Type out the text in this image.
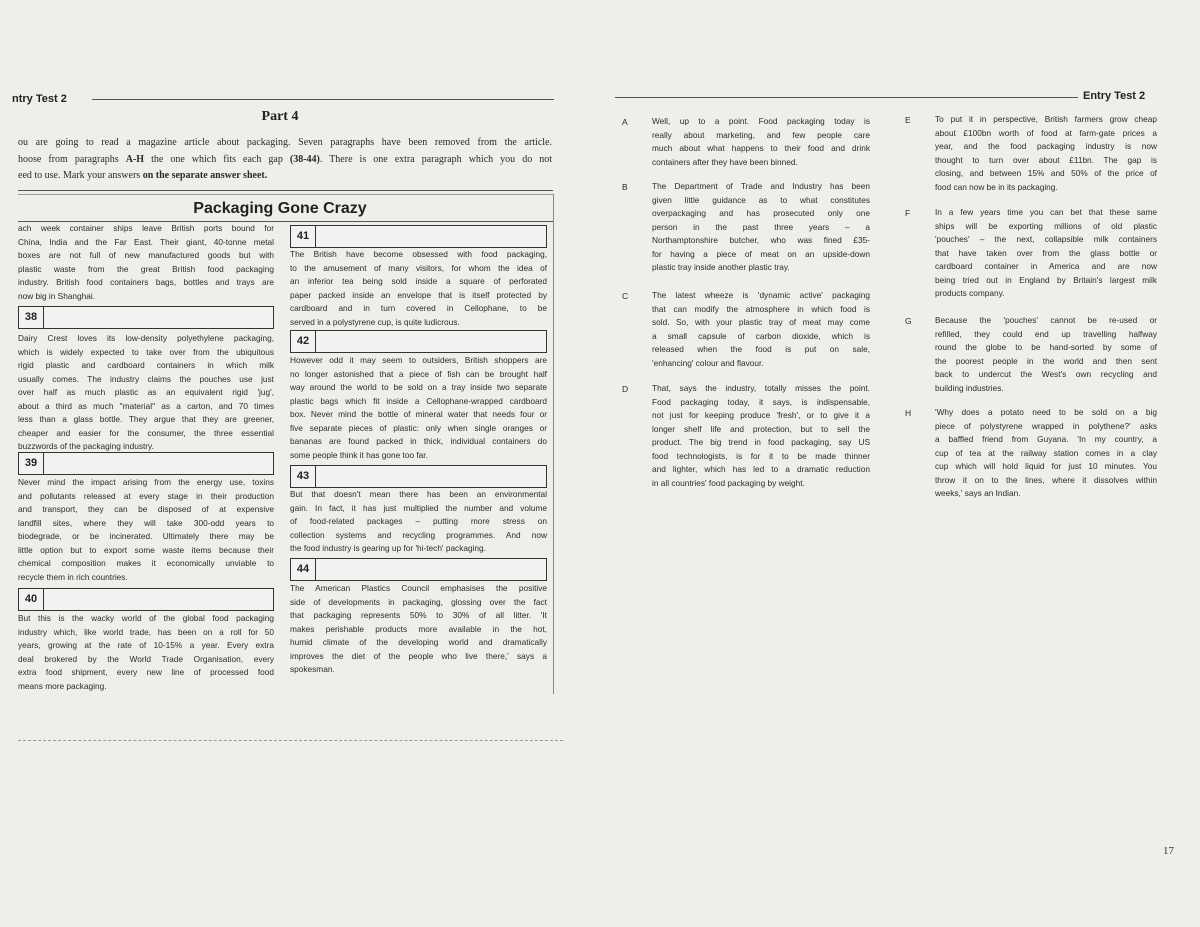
ntry Test 2
Part 4
ou are going to read a magazine article about packaging. Seven paragraphs have been removed from the article.
hoose from paragraphs A-H the one which fits each gap (38-44). There is one extra paragraph which you do not
eed to use. Mark your answers on the separate answer sheet.
Packaging Gone Crazy
ach week container ships leave British ports bound for
China, India and the Far East. Their giant, 40-tonne metal
boxes are not full of new manufactured goods but with
plastic waste from the great British food packaging
industry. British food containers bags, bottles and trays are
now big in Shanghai.
38
Dairy Crest loves its low-density polyethylene packaging,
which is widely expected to take over from the ubiquitous
rigid plastic and cardboard containers in which milk
usually comes. The industry claims the pouches use just
over half as much plastic as an equivalent rigid 'jug',
about a third as much "material" as a carton, and 70 times
less than a glass bottle. They argue that they are greener,
cheaper and easier for the consumer, the three essential
buzzwords of the packaging industry.
39
Never mind the impact arising from the energy use, toxins
and pollutants released at every stage in their production
and transport, they can be disposed of at expensive
landfill sites, where they will take 300-odd years to
biodegrade, or be incinerated. Ultimately there may be
little option but to export some waste items because their
chemical composition makes it economically unviable to
recycle them in rich countries.
40
But this is the wacky world of the global food packaging
industry which, like world trade, has been on a roll for 50
years, growing at the rate of 10-15% a year. Every extra
deal brokered by the World Trade Organisation, every
extra food shipment, every new line of processed food
means more packaging.
41
The British have become obsessed with food packaging,
to the amusement of many visitors, for whom the idea of
an inferior tea being sold inside a square of perforated
paper packed inside an envelope that is itself protected by
cardboard and in turn covered in Cellophane, to be
served in a polystyrene cup, is quite ludicrous.
42
However odd it may seem to outsiders, British shoppers are
no longer astonished that a piece of fish can be brought half
way around the world to be sold on a tray inside two separate
plastic bags which fit inside a Cellophane-wrapped cardboard
box. Never mind the bottle of mineral water that needs four or
five separate pieces of plastic: only when single oranges or
bananas are found packed in thick, individual containers do
some people think it has gone too far.
43
But that doesn't mean there has been an environmental
gain. In fact, it has just multiplied the number and volume
of food-related packages – putting more stress on
collection systems and recycling programmes. And now
the food industry is gearing up for 'hi-tech' packaging.
44
The American Plastics Council emphasises the positive
side of developments in packaging, glossing over the fact
that packaging represents 50% to 30% of all litter. 'It
makes perishable products more available in the hot,
humid climate of the developing world and dramatically
improves the diet of the people who live there,' says a
spokesman.
Entry Test 2
A	Well, up to a point. Food packaging today is
really about marketing, and few people care
much about what happens to their food and drink
containers after they have been binned.
B	The Department of Trade and Industry has been
given little guidance as to what constitutes
overpackaging and has prosecuted only one
person in the past three years – a
Northamptonshire butcher, who was fined £35-
for having a piece of meat on an upside-down
plastic tray inside another plastic tray.
C	The latest wheeze is 'dynamic active' packaging
that can modify the atmosphere in which food is
sold. So, with your plastic tray of meat may come
a small capsule of carbon dioxide, which is
released when the food is put on sale,
'enhancing' colour and flavour.
D	That, says the industry, totally misses the point.
Food packaging today, it says, is indispensable,
not just for keeping produce 'fresh', or to give it a
longer shelf life and protection, but to sell the
product. The big trend in food packaging, say US
food technologists, is for it to be made thinner
and lighter, which has led to a dramatic reduction
in all countries' food packaging by weight.
E	To put it in perspective, British farmers grow cheap
about £100bn worth of food at farm-gate prices a
year, and the food packaging industry is now
thought to turn over about £11bn. The gap is
closing, and between 15% and 50% of the price of
food can now be in its packaging.
F	In a few years time you can bet that these same
ships will be exporting millions of old plastic
'pouches' – the next, collapsible milk containers
that have taken over from the glass bottle or
cardboard container in America and are now
being tried out in England by Britain's largest milk
products company.
G	Because the 'pouches' cannot be re-used or
refilled, they could end up travelling halfway
round the globe to be hand-sorted by some of
the poorest people in the world and then sent
back to undercut the West's own recycling and
building industries.
H	'Why does a potato need to be sold on a big
piece of polystyrene wrapped in polythene?' asks
a baffled friend from Guyana. 'In my country, a
cup of tea at the railway station comes in a clay
cup which will hold liquid for just 10 minutes. You
throw it on to the lines, where it dissolves within
weeks,' says an Indian.
17
